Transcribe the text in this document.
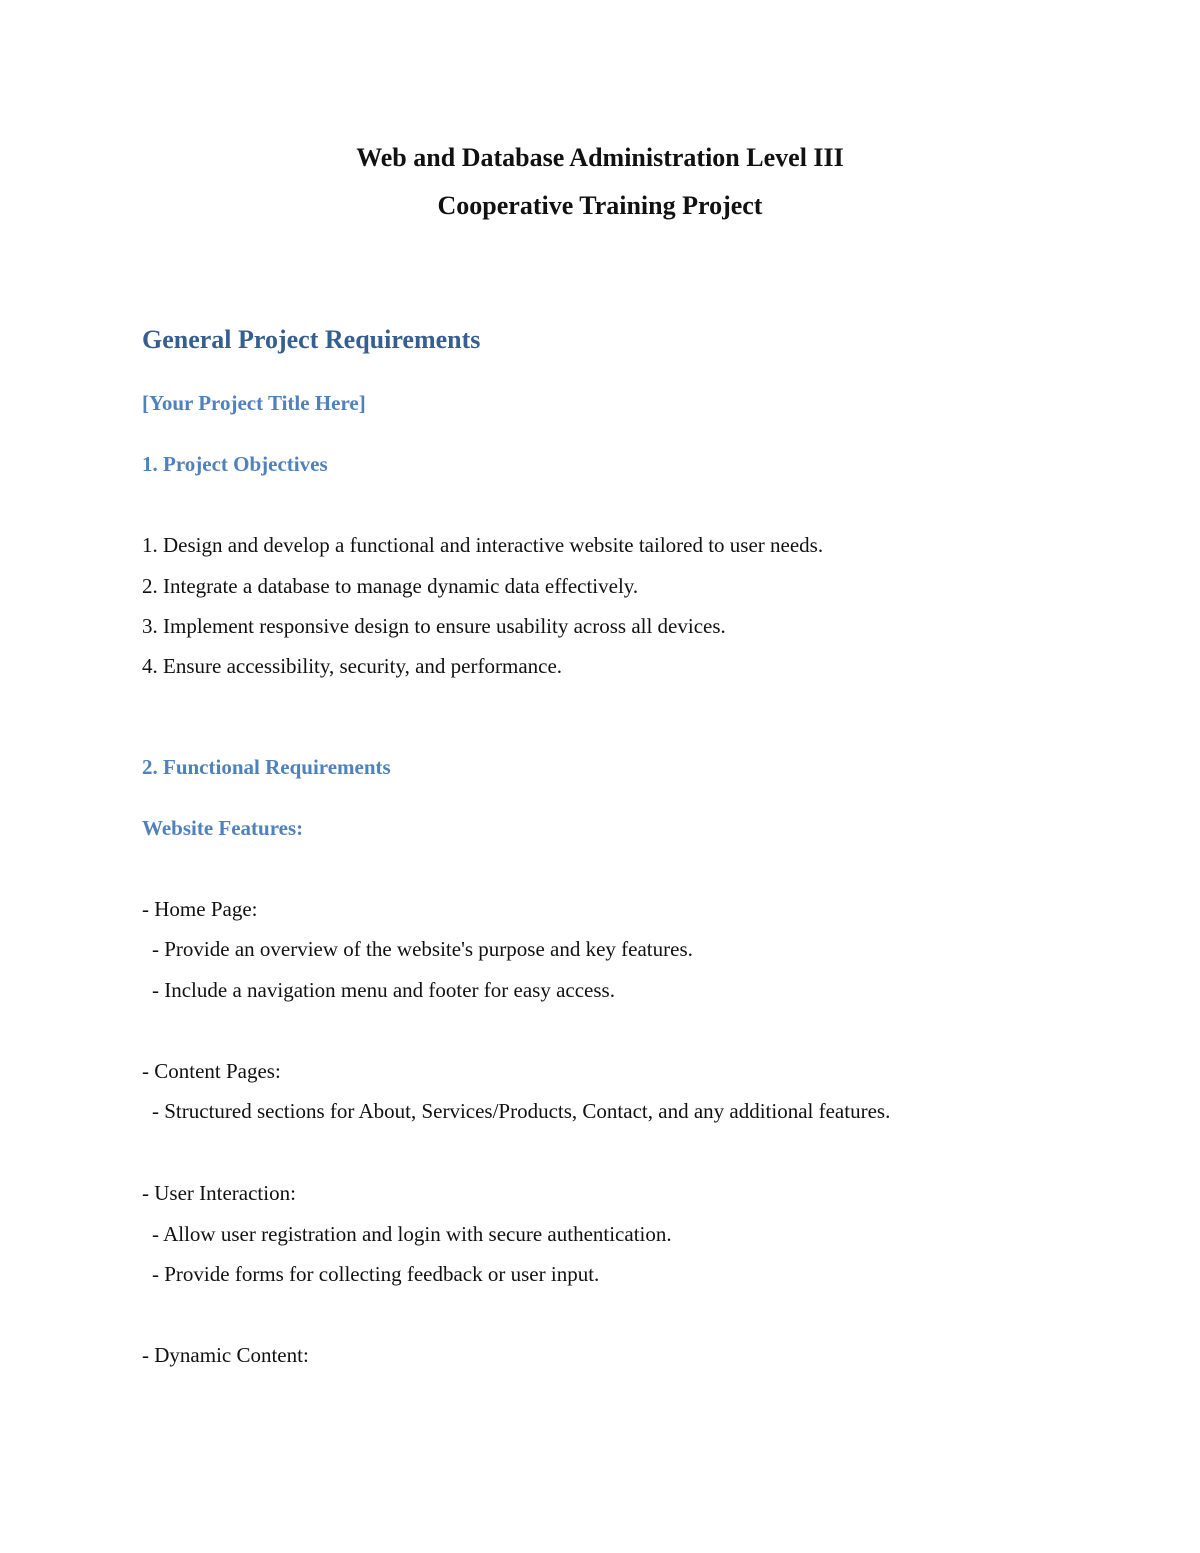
Web and Database Administration Level III
Cooperative Training Project
General Project Requirements
[Your Project Title Here]
1. Project Objectives
1. Design and develop a functional and interactive website tailored to user needs.
2. Integrate a database to manage dynamic data effectively.
3. Implement responsive design to ensure usability across all devices.
4. Ensure accessibility, security, and performance.
2. Functional Requirements
Website Features:
- Home Page:
- Provide an overview of the website's purpose and key features.
- Include a navigation menu and footer for easy access.
- Content Pages:
- Structured sections for About, Services/Products, Contact, and any additional features.
- User Interaction:
- Allow user registration and login with secure authentication.
- Provide forms for collecting feedback or user input.
- Dynamic Content:
